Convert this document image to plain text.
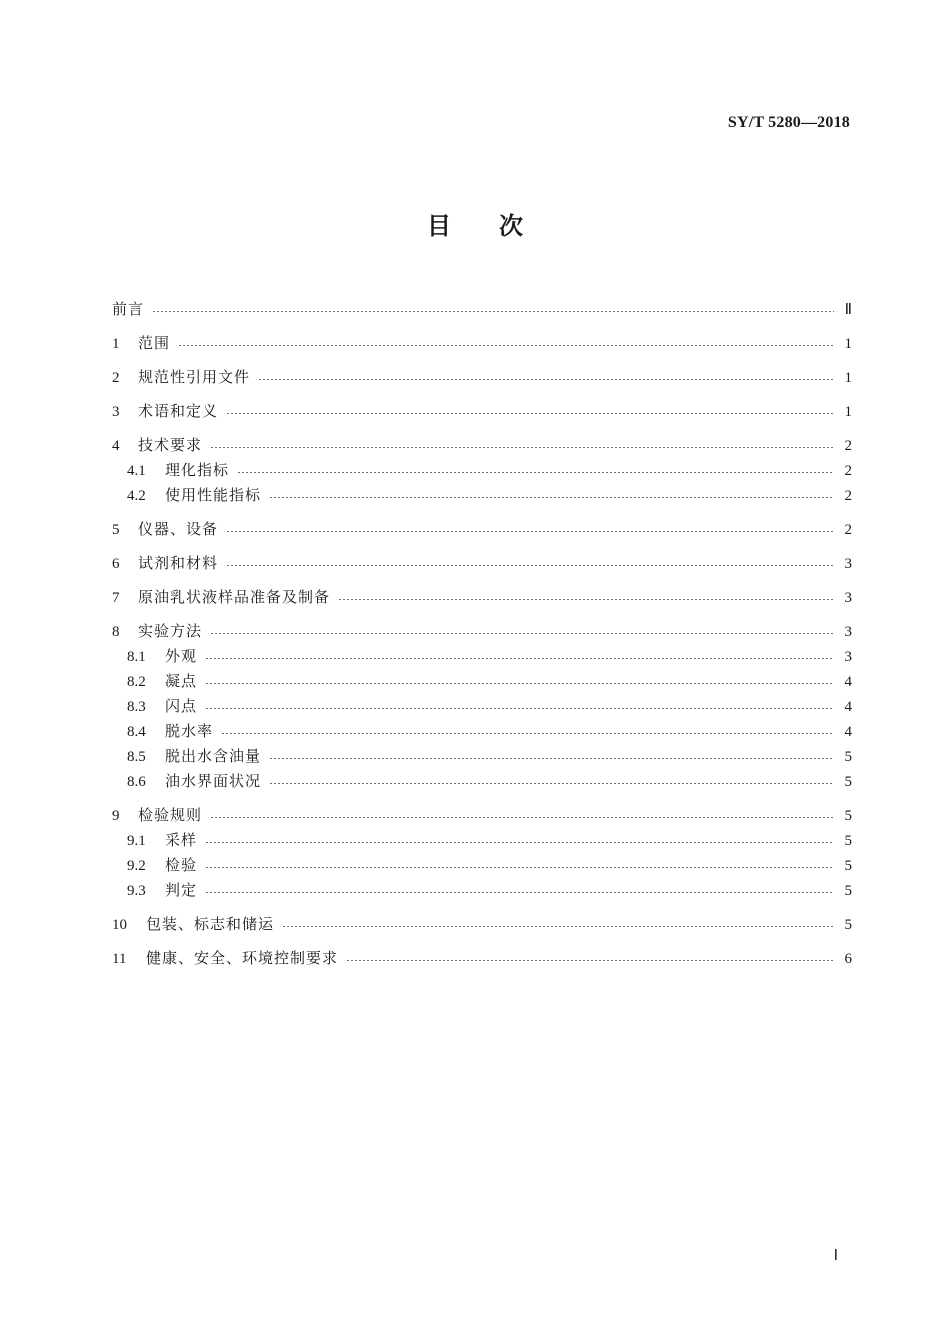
SY/T 5280—2018
目次
前言	Ⅱ
1	范围	1
2	规范性引用文件	1
3	术语和定义	1
4	技术要求	2
4.1	理化指标	2
4.2	使用性能指标	2
5	仪器、设备	2
6	试剂和材料	3
7	原油乳状液样品准备及制备	3
8	实验方法	3
8.1	外观	3
8.2	凝点	4
8.3	闪点	4
8.4	脱水率	4
8.5	脱出水含油量	5
8.6	油水界面状况	5
9	检验规则	5
9.1	采样	5
9.2	检验	5
9.3	判定	5
10	包装、标志和储运	5
11	健康、安全、环境控制要求	6
Ⅰ
